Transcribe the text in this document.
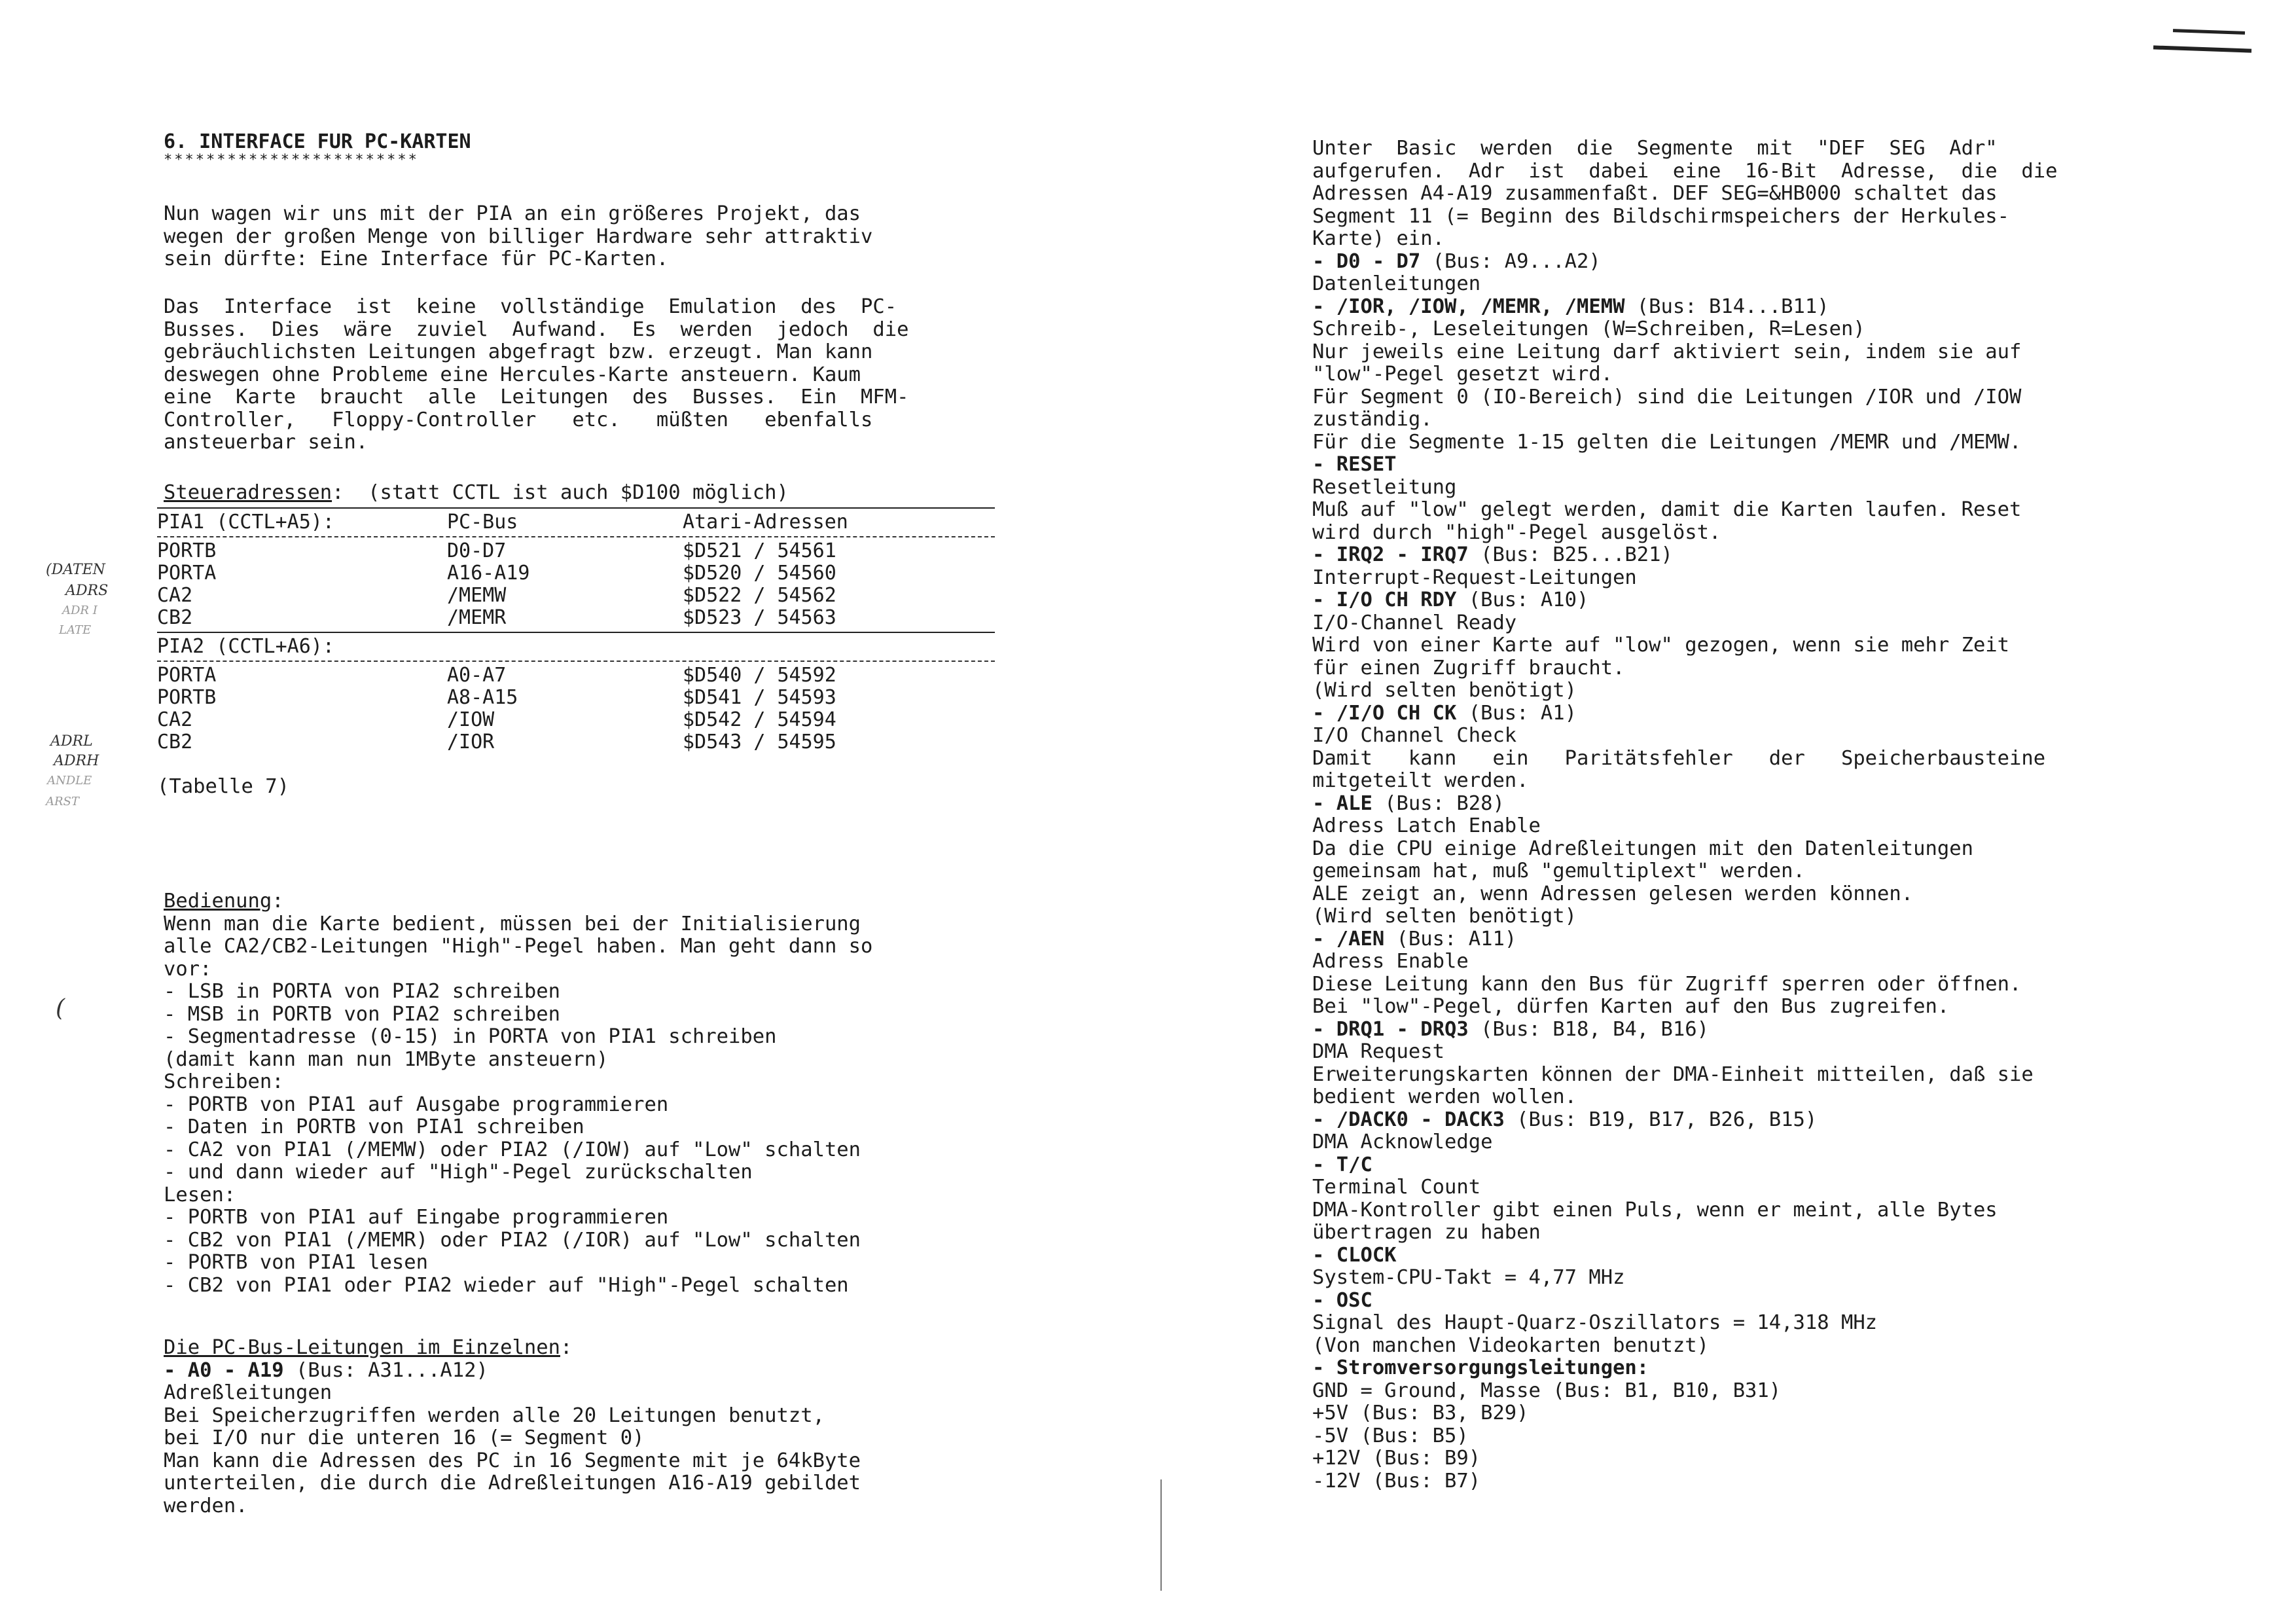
6. INTERFACE FUR PC-KARTEN
************************
Nun wagen wir uns mit der PIA an ein größeres Projekt, das
wegen der großen Menge von billiger Hardware sehr attraktiv
sein dürfte: Eine Interface für PC-Karten.
Das  Interface  ist  keine  vollständige  Emulation  des  PC-
Busses.  Dies  wäre  zuviel  Aufwand.  Es  werden  jedoch  die
gebräuchlichsten Leitungen abgefragt bzw. erzeugt. Man kann
deswegen ohne Probleme eine Hercules-Karte ansteuern. Kaum
eine  Karte  braucht  alle  Leitungen  des  Busses.  Ein  MFM-
Controller,   Floppy-Controller   etc.   müßten   ebenfalls
ansteuerbar sein.
Steueradressen:  (statt CCTL ist auch $D100 möglich)
PIA1 (CCTL+A5):	PC-Bus	Atari-Adressen
PORTB	D0-D7	$D521 / 54561
PORTA	A16-A19	$D520 / 54560
CA2	/MEMW	$D522 / 54562
CB2	/MEMR	$D523 / 54563
PIA2 (CCTL+A6):
PORTA	A0-A7	$D540 / 54592
PORTB	A8-A15	$D541 / 54593
CA2	/IOW	$D542 / 54594
CB2	/IOR	$D543 / 54595
(Tabelle 7)
(DATEN
ADRS
ADR I
LATE
ADRL
ADRH
ANDLE
ARST
(
Bedienung:
Wenn man die Karte bedient, müssen bei der Initialisierung
alle CA2/CB2-Leitungen "High"-Pegel haben. Man geht dann so
vor:
- LSB in PORTA von PIA2 schreiben
- MSB in PORTB von PIA2 schreiben
- Segmentadresse (0-15) in PORTA von PIA1 schreiben
(damit kann man nun 1MByte ansteuern)
Schreiben:
- PORTB von PIA1 auf Ausgabe programmieren
- Daten in PORTB von PIA1 schreiben
- CA2 von PIA1 (/MEMW) oder PIA2 (/IOW) auf "Low" schalten
- und dann wieder auf "High"-Pegel zurückschalten
Lesen:
- PORTB von PIA1 auf Eingabe programmieren
- CB2 von PIA1 (/MEMR) oder PIA2 (/IOR) auf "Low" schalten
- PORTB von PIA1 lesen
- CB2 von PIA1 oder PIA2 wieder auf "High"-Pegel schalten
Die PC-Bus-Leitungen im Einzelnen:
- A0 - A19 (Bus: A31...A12)
Adreßleitungen
Bei Speicherzugriffen werden alle 20 Leitungen benutzt,
bei I/O nur die unteren 16 (= Segment 0)
Man kann die Adressen des PC in 16 Segmente mit je 64kByte
unterteilen, die durch die Adreßleitungen A16-A19 gebildet
werden.
Unter  Basic  werden  die  Segmente  mit  "DEF  SEG  Adr"
aufgerufen.  Adr  ist  dabei  eine  16-Bit  Adresse,  die  die
Adressen A4-A19 zusammenfaßt. DEF SEG=&HB000 schaltet das
Segment 11 (= Beginn des Bildschirmspeichers der Herkules-
Karte) ein.
- D0 - D7 (Bus: A9...A2)
Datenleitungen
- /IOR, /IOW, /MEMR, /MEMW (Bus: B14...B11)
Schreib-, Leseleitungen (W=Schreiben, R=Lesen)
Nur jeweils eine Leitung darf aktiviert sein, indem sie auf
"low"-Pegel gesetzt wird.
Für Segment 0 (IO-Bereich) sind die Leitungen /IOR und /IOW
zuständig.
Für die Segmente 1-15 gelten die Leitungen /MEMR und /MEMW.
- RESET
Resetleitung
Muß auf "low" gelegt werden, damit die Karten laufen. Reset
wird durch "high"-Pegel ausgelöst.
- IRQ2 - IRQ7 (Bus: B25...B21)
Interrupt-Request-Leitungen
- I/O CH RDY (Bus: A10)
I/O-Channel Ready
Wird von einer Karte auf "low" gezogen, wenn sie mehr Zeit
für einen Zugriff braucht.
(Wird selten benötigt)
- /I/O CH CK (Bus: A1)
I/O Channel Check
Damit   kann   ein   Paritätsfehler   der   Speicherbausteine
mitgeteilt werden.
- ALE (Bus: B28)
Adress Latch Enable
Da die CPU einige Adreßleitungen mit den Datenleitungen
gemeinsam hat, muß "gemultiplext" werden.
ALE zeigt an, wenn Adressen gelesen werden können.
(Wird selten benötigt)
- /AEN (Bus: A11)
Adress Enable
Diese Leitung kann den Bus für Zugriff sperren oder öffnen.
Bei "low"-Pegel, dürfen Karten auf den Bus zugreifen.
- DRQ1 - DRQ3 (Bus: B18, B4, B16)
DMA Request
Erweiterungskarten können der DMA-Einheit mitteilen, daß sie
bedient werden wollen.
- /DACK0 - DACK3 (Bus: B19, B17, B26, B15)
DMA Acknowledge
- T/C
Terminal Count
DMA-Kontroller gibt einen Puls, wenn er meint, alle Bytes
übertragen zu haben
- CLOCK
System-CPU-Takt = 4,77 MHz
- OSC
Signal des Haupt-Quarz-Oszillators = 14,318 MHz
(Von manchen Videokarten benutzt)
- Stromversorgungsleitungen:
GND = Ground, Masse (Bus: B1, B10, B31)
+5V (Bus: B3, B29)
-5V (Bus: B5)
+12V (Bus: B9)
-12V (Bus: B7)
